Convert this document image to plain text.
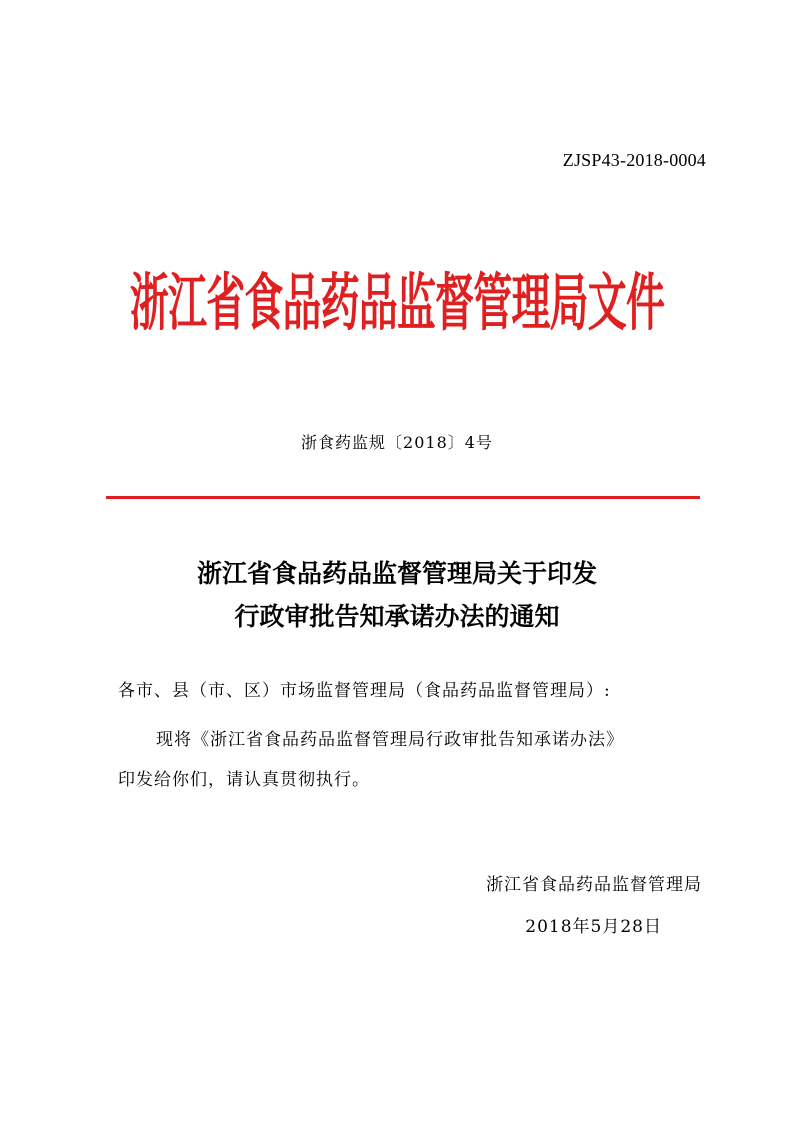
ZJSP43-2018-0004
浙江省食品药品监督管理局文件
浙食药监规〔2018〕4号
浙江省食品药品监督管理局关于印发
行政审批告知承诺办法的通知
各市、县（市、区）市场监督管理局（食品药品监督管理局）:
现将《浙江省食品药品监督管理局行政审批告知承诺办法》
印发给你们，请认真贯彻执行。
浙江省食品药品监督管理局
2018年5月28日
